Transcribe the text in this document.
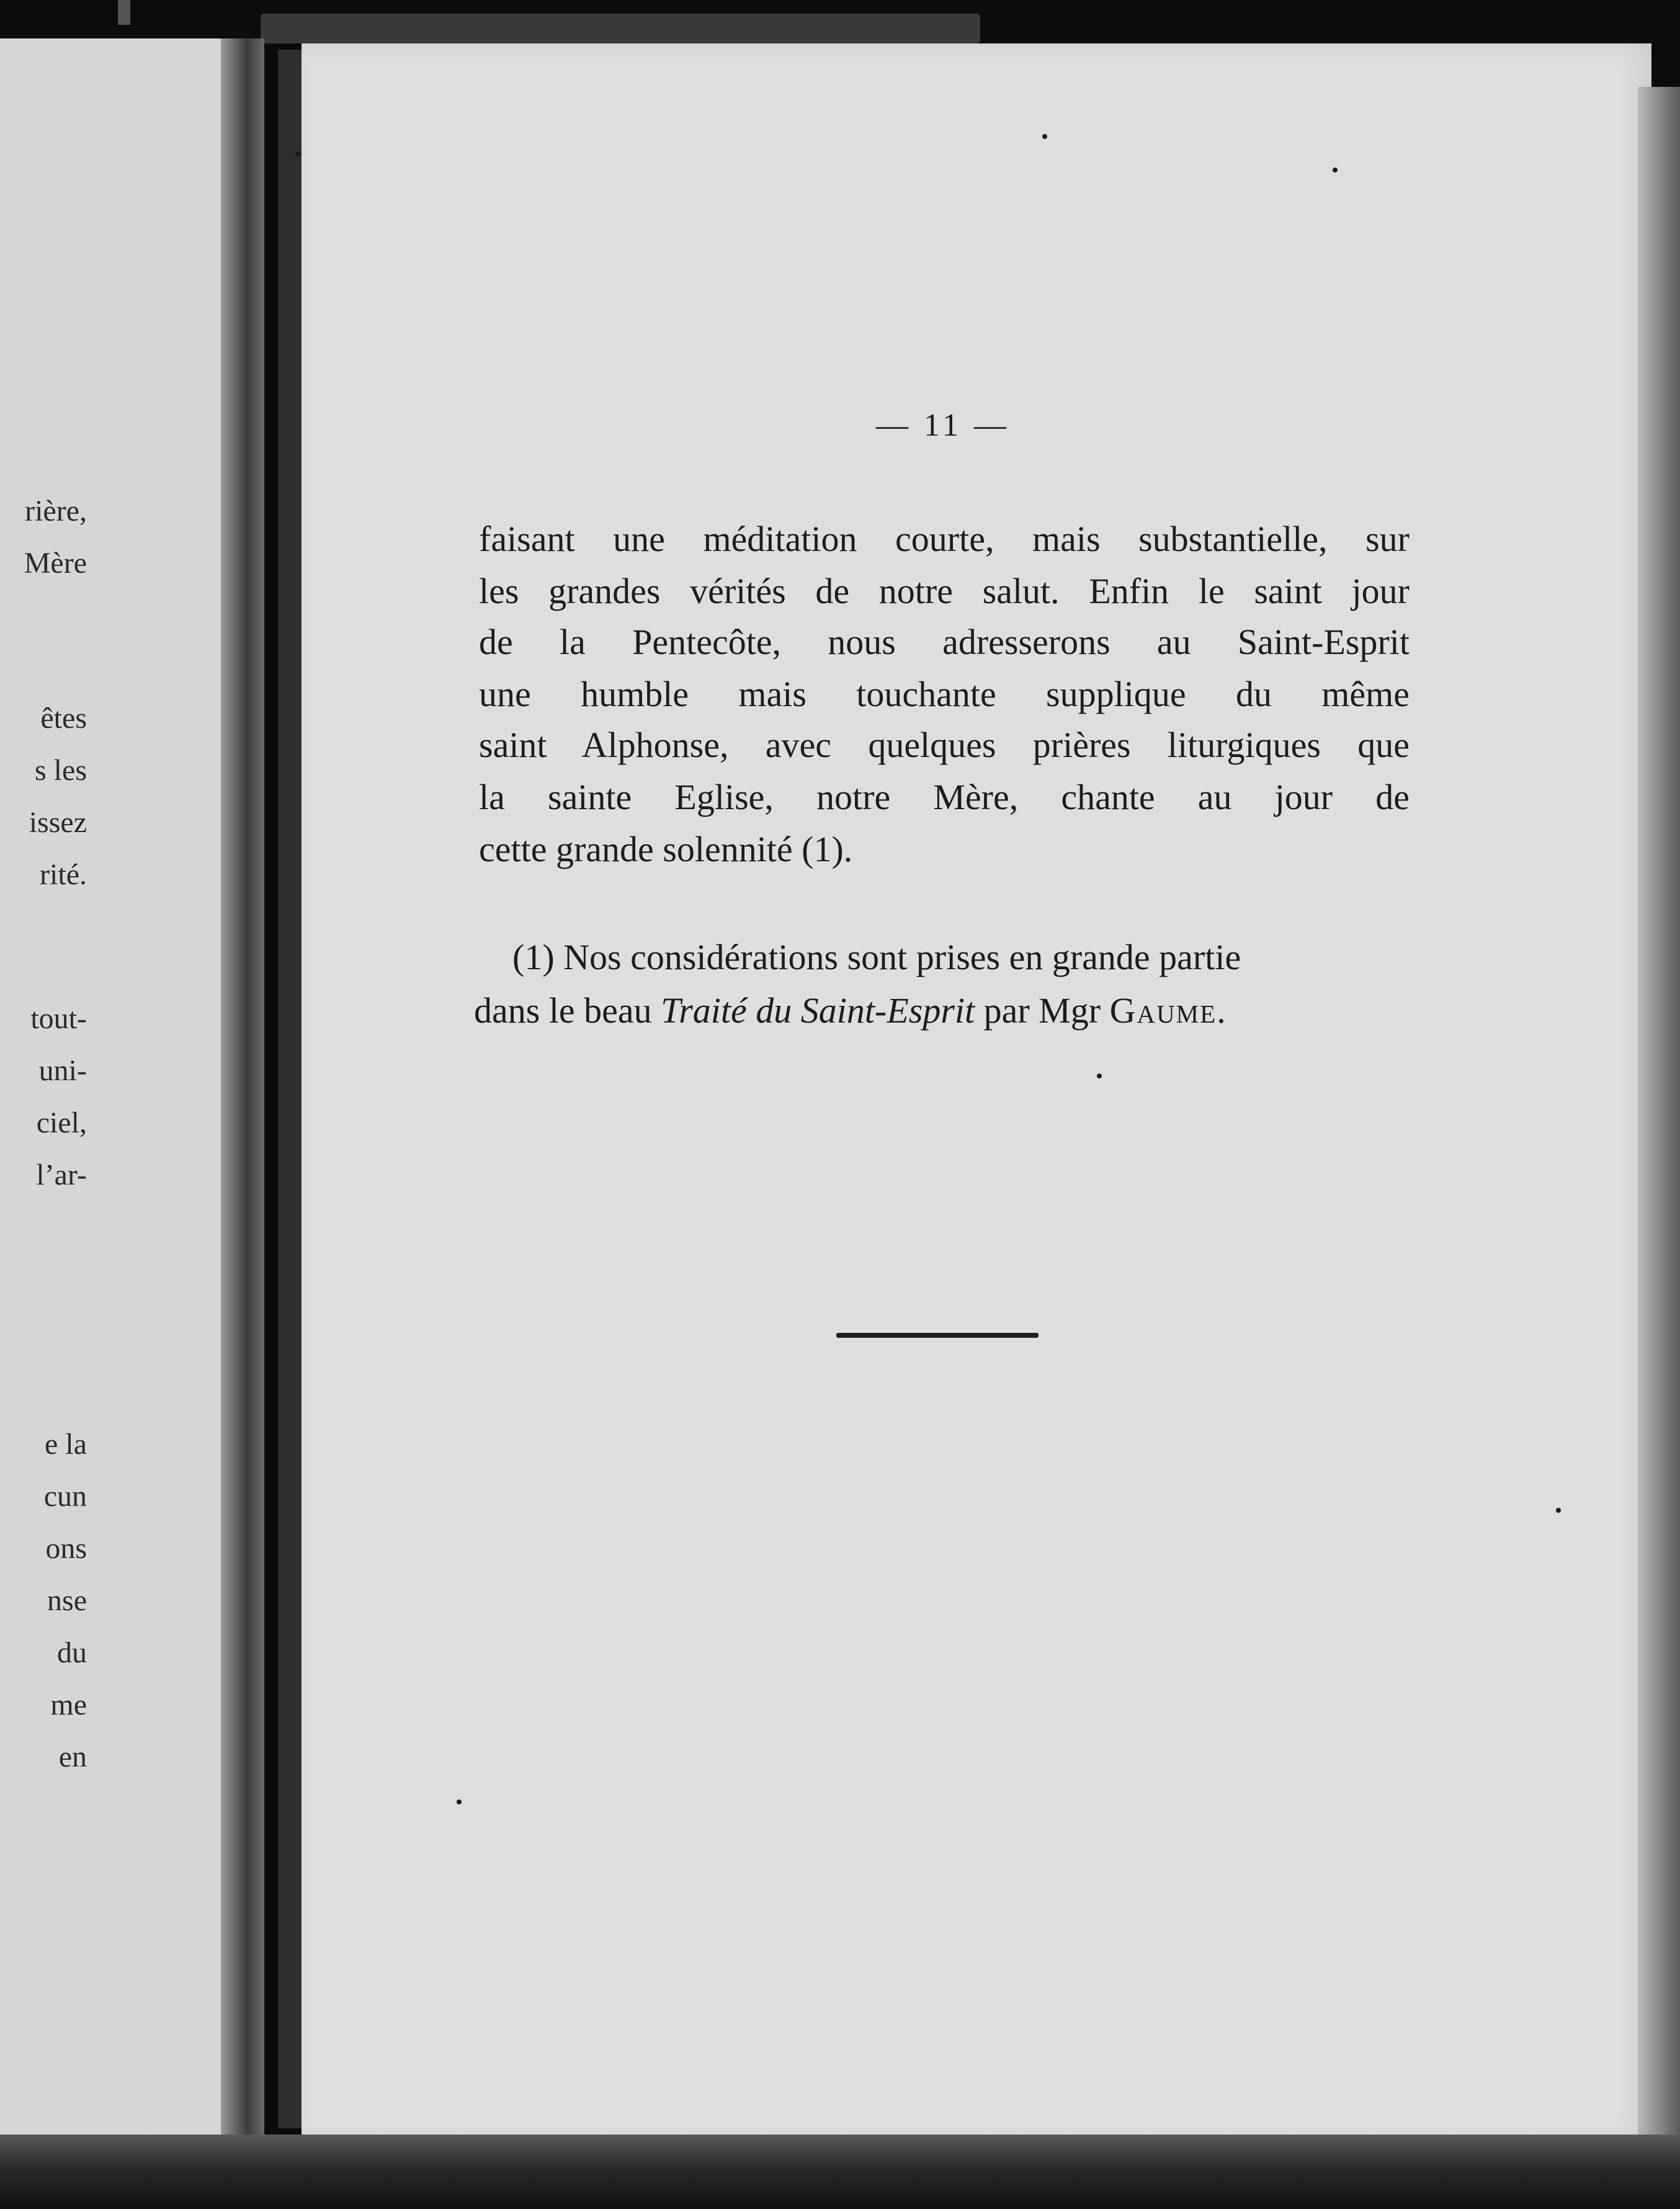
rière,
Mère
êtes
s les
issez
rité.
tout-
uni-
ciel,
l’ar-
e la
cun
ons
nse
du
me
en
— 11 —
faisant une méditation courte, mais substantielle, sur
les grandes vérités de notre salut. Enfin le saint jour
de la Pentecôte, nous adresserons au Saint-Esprit
une humble mais touchante supplique du même
saint Alphonse, avec quelques prières liturgiques que
la sainte Eglise, notre Mère, chante au jour de
cette grande solennité (1).
(1) Nos considérations sont prises en grande partie
dans le beau Traité du Saint-Esprit par Mgr Gaume.
